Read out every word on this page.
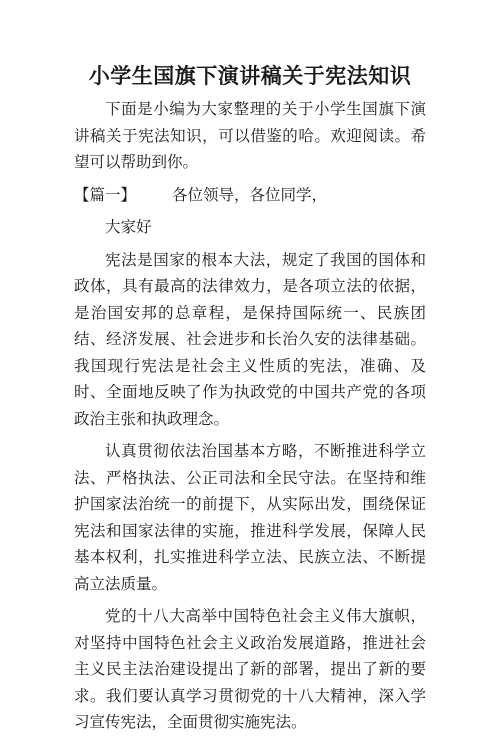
小学生国旗下演讲稿关于宪法知识

下面是小编为大家整理的关于小学生国旗下演讲稿关于宪法知识，可以借鉴的哈。欢迎阅读。希望可以帮助到你。

【篇一】 各位领导，各位同学，

大家好

宪法是国家的根本大法，规定了我国的国体和政体，具有最高的法律效力，是各项立法的依据，是治国安邦的总章程，是保持国际统一、民族团结、经济发展、社会进步和长治久安的法律基础。我国现行宪法是社会主义性质的宪法，准确、及时、全面地反映了作为执政党的中国共产党的各项政治主张和执政理念。

认真贯彻依法治国基本方略，不断推进科学立法、严格执法、公正司法和全民守法。在坚持和维护国家法治统一的前提下，从实际出发，围绕保证宪法和国家法律的实施，推进科学发展，保障人民基本权利，扎实推进科学立法、民族立法、不断提高立法质量。

党的十八大高举中国特色社会主义伟大旗帜，对坚持中国特色社会主义政治发展道路，推进社会主义民主法治建设提出了新的部署，提出了新的要求。我们要认真学习贯彻党的十八大精神，深入学习宣传宪法，全面贯彻实施宪法。
